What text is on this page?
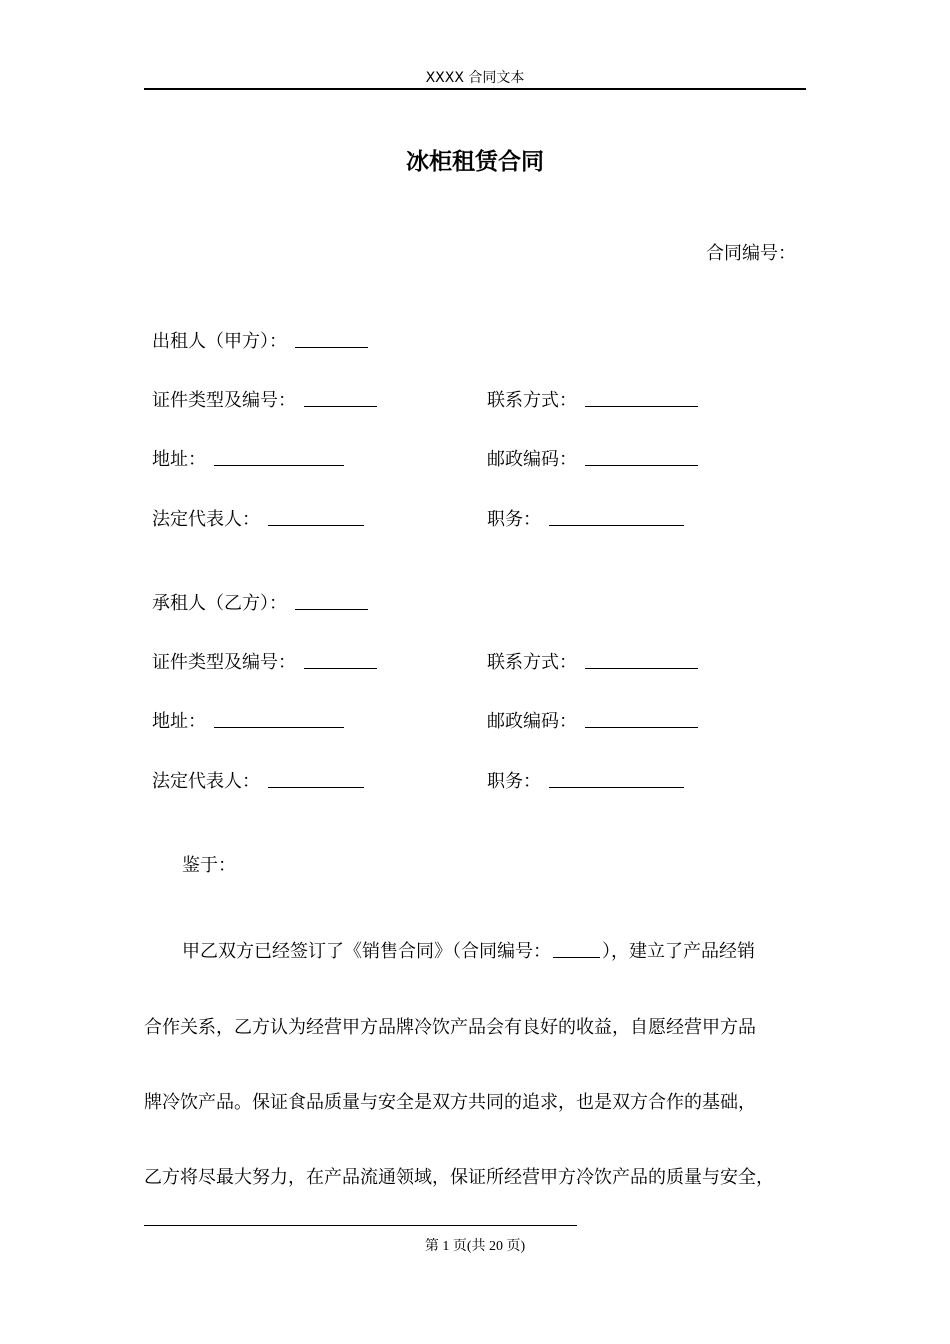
XXXX 合同文本
冰柜租赁合同
合同编号：
出租人（甲方）：
证件类型及编号：	联系方式：
地址：	邮政编码：
法定代表人：	职务：
承租人（乙方）：
证件类型及编号：	联系方式：
地址：	邮政编码：
法定代表人：	职务：
鉴于：
甲乙双方已经签订了《销售合同》（合同编号：	），建立了产品经销
合作关系，乙方认为经营甲方品牌冷饮产品会有良好的收益，自愿经营甲方品
牌冷饮产品。保证食品质量与安全是双方共同的追求，也是双方合作的基础，
乙方将尽最大努力，在产品流通领域，保证所经营甲方冷饮产品的质量与安全，
第 1 页(共 20 页)
